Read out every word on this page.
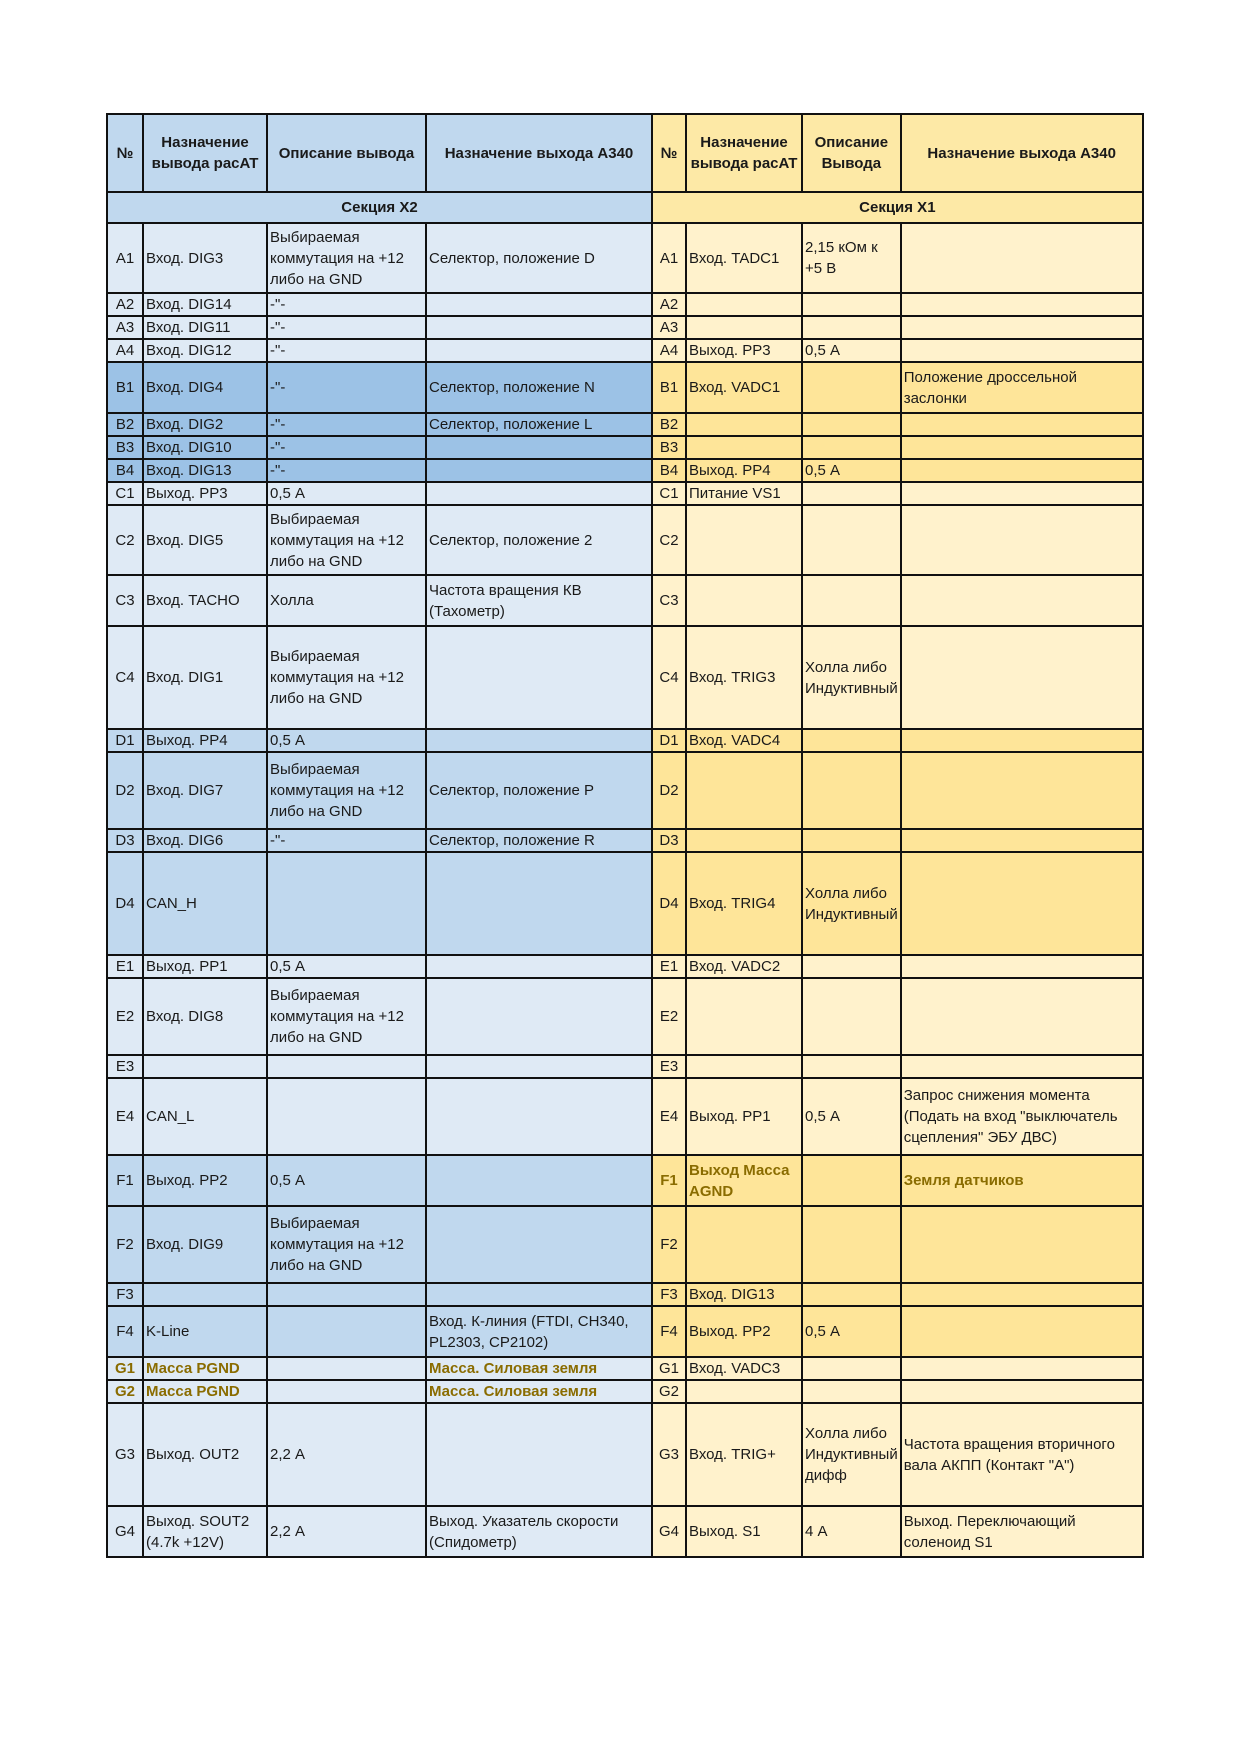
№	Назначение вывода pacAT	Описание вывода	Назначение выхода А340	№	Назначение вывода pacAT	Описание Вывода	Назначение выхода А340
Секция Х2				Секция Х1			
A1	Вход. DIG3	Выбираемая коммутация на +12 либо на GND	Селектор, положение D	A1	Вход. TADC1	2,15 кОм к +5 В	
A2	Вход. DIG14	-"-		A2			
A3	Вход. DIG11	-"-		A3			
A4	Вход. DIG12	-"-		A4	Выход. PP3	0,5 А	
B1	Вход. DIG4	-"-	Селектор, положение N	B1	Вход. VADC1		Положение дроссельной заслонки
B2	Вход. DIG2	-"-	Селектор, положение L	B2			
B3	Вход. DIG10	-"-		B3			
B4	Вход. DIG13	-"-		B4	Выход. PP4	0,5 А	
C1	Выход. PP3	0,5 А		C1	Питание VS1		
C2	Вход. DIG5	Выбираемая коммутация на +12 либо на GND	Селектор, положение 2	C2			
C3	Вход. TACHO	Холла	Частота вращения КВ (Тахометр)	C3			
C4	Вход. DIG1	Выбираемая коммутация на +12 либо на GND		C4	Вход. TRIG3	Холла либо Индуктивный	
D1	Выход. PP4	0,5 А		D1	Вход. VADC4		
D2	Вход. DIG7	Выбираемая коммутация на +12 либо на GND	Селектор, положение P	D2			
D3	Вход. DIG6	-"-	Селектор, положение R	D3			
D4	CAN_H			D4	Вход. TRIG4	Холла либо Индуктивный	
E1	Выход. PP1	0,5 А		E1	Вход. VADC2		
E2	Вход. DIG8	Выбираемая коммутация на +12 либо на GND		E2			
E3				E3			
E4	CAN_L			E4	Выход. PP1	0,5 А	Запрос снижения момента (Подать на вход "выключатель сцепления" ЭБУ ДВС)
F1	Выход. PP2	0,5 А		F1	Выход Масса AGND		Земля датчиков
F2	Вход. DIG9	Выбираемая коммутация на +12 либо на GND		F2			
F3				F3	Вход. DIG13		
F4	K-Line		Вход. К-линия (FTDI, CH340, PL2303, CP2102)	F4	Выход. PP2	0,5 А	
G1	Масса PGND		Масса. Силовая земля	G1	Вход. VADC3		
G2	Масса PGND		Масса. Силовая земля	G2			
G3	Выход. OUT2	2,2 А		G3	Вход. TRIG+	Холла либо Индуктивный дифф	Частота вращения вторичного вала АКПП (Контакт "А")
G4	Выход. SOUT2 (4.7k +12V)	2,2 А	Выход. Указатель скорости (Спидометр)	G4	Выход. S1	4 А	Выход. Переключающий соленоид S1
